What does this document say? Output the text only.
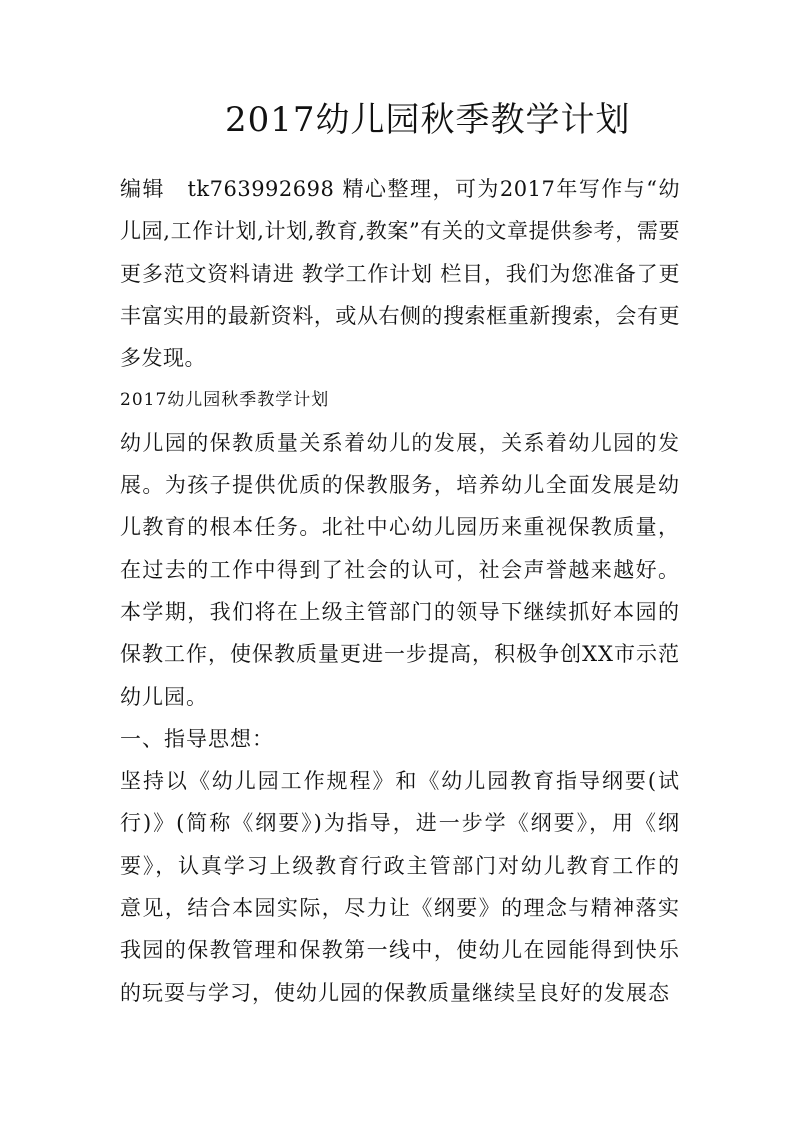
2017幼儿园秋季教学计划

编辑　tk763992698 精心整理，可为2017年写作与“幼儿园,工作计划,计划,教育,教案”有关的文章提供参考，需要更多范文资料请进 教学工作计划 栏目，我们为您准备了更丰富实用的最新资料，或从右侧的搜索框重新搜索，会有更多发现。

2017幼儿园秋季教学计划

幼儿园的保教质量关系着幼儿的发展，关系着幼儿园的发展。为孩子提供优质的保教服务，培养幼儿全面发展是幼儿教育的根本任务。北社中心幼儿园历来重视保教质量，在过去的工作中得到了社会的认可，社会声誉越来越好。本学期，我们将在上级主管部门的领导下继续抓好本园的保教工作，使保教质量更进一步提高，积极争创XX市示范幼儿园。

一、指导思想：

坚持以《幼儿园工作规程》和《幼儿园教育指导纲要(试行)》(简称《纲要》)为指导，进一步学《纲要》，用《纲要》，认真学习上级教育行政主管部门对幼儿教育工作的意见，结合本园实际，尽力让《纲要》的理念与精神落实我园的保教管理和保教第一线中，使幼儿在园能得到快乐的玩耍与学习，使幼儿园的保教质量继续呈良好的发展态
